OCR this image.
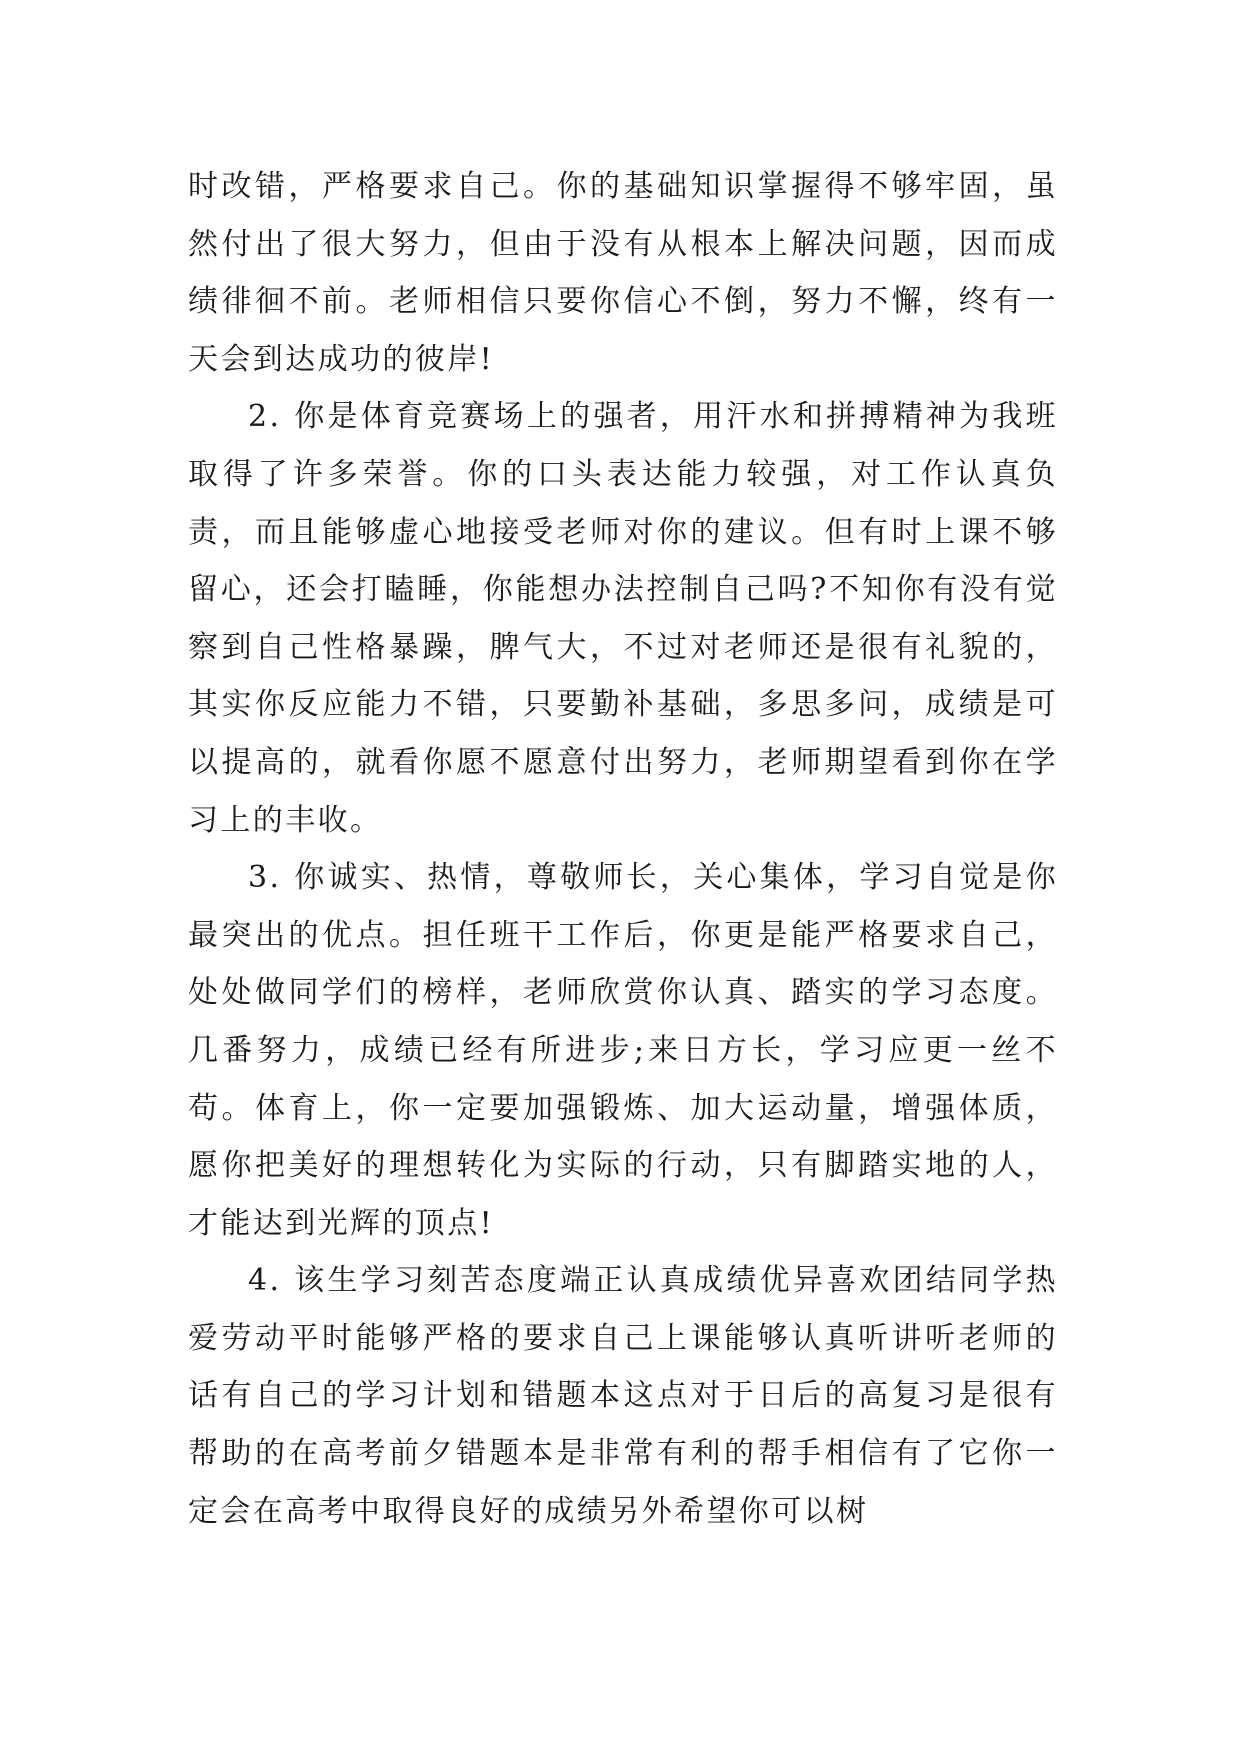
时改错，严格要求自己。你的基础知识掌握得不够牢固，虽然付出了很大努力，但由于没有从根本上解决问题，因而成绩徘徊不前。老师相信只要你信心不倒，努力不懈，终有一天会到达成功的彼岸!

2. 你是体育竞赛场上的强者，用汗水和拼搏精神为我班取得了许多荣誉。你的口头表达能力较强，对工作认真负责，而且能够虚心地接受老师对你的建议。但有时上课不够留心，还会打瞌睡，你能想办法控制自己吗?不知你有没有觉察到自己性格暴躁，脾气大，不过对老师还是很有礼貌的，其实你反应能力不错，只要勤补基础，多思多问，成绩是可以提高的，就看你愿不愿意付出努力，老师期望看到你在学习上的丰收。

3. 你诚实、热情，尊敬师长，关心集体，学习自觉是你最突出的优点。担任班干工作后，你更是能严格要求自己，处处做同学们的榜样，老师欣赏你认真、踏实的学习态度。几番努力，成绩已经有所进步;来日方长，学习应更一丝不苟。体育上，你一定要加强锻炼、加大运动量，增强体质，愿你把美好的理想转化为实际的行动，只有脚踏实地的人，才能达到光辉的顶点!

4. 该生学习刻苦态度端正认真成绩优异喜欢团结同学热爱劳动平时能够严格的要求自己上课能够认真听讲听老师的话有自己的学习计划和错题本这点对于日后的高复习是很有帮助的在高考前夕错题本是非常有利的帮手相信有了它你一定会在高考中取得良好的成绩另外希望你可以树
